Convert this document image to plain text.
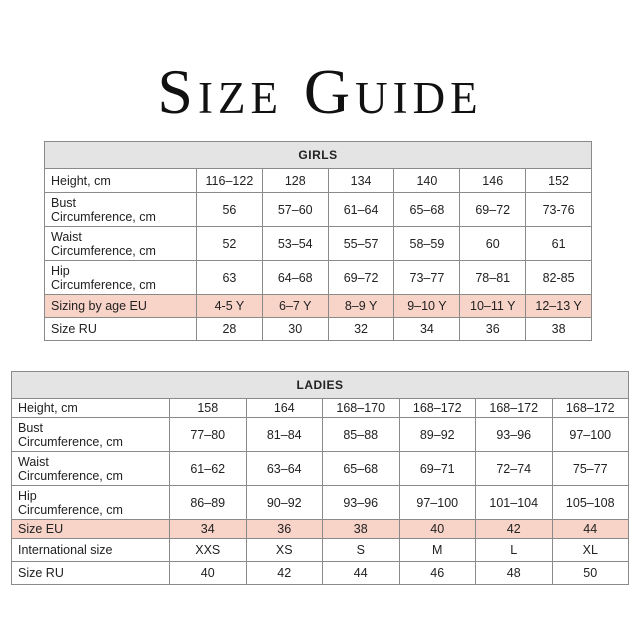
Size Guide
GIRLS						
Height, cm	116–122	128	134	140	146	152
Bust
Circumference, cm	56	57–60	61–64	65–68	69–72	73-76
Waist
Circumference, cm	52	53–54	55–57	58–59	60	61
Hip
Circumference, cm	63	64–68	69–72	73–77	78–81	82-85
Sizing by age EU	4-5 Y	6–7 Y	8–9 Y	9–10 Y	10–11 Y	12–13 Y
Size RU	28	30	32	34	36	38
LADIES						
Height, cm	158	164	168–170	168–172	168–172	168–172
Bust
Circumference, cm	77–80	81–84	85–88	89–92	93–96	97–100
Waist
Circumference, cm	61–62	63–64	65–68	69–71	72–74	75–77
Hip
Circumference, cm	86–89	90–92	93–96	97–100	101–104	105–108
Size EU	34	36	38	40	42	44
International size	XXS	XS	S	M	L	XL
Size RU	40	42	44	46	48	50
